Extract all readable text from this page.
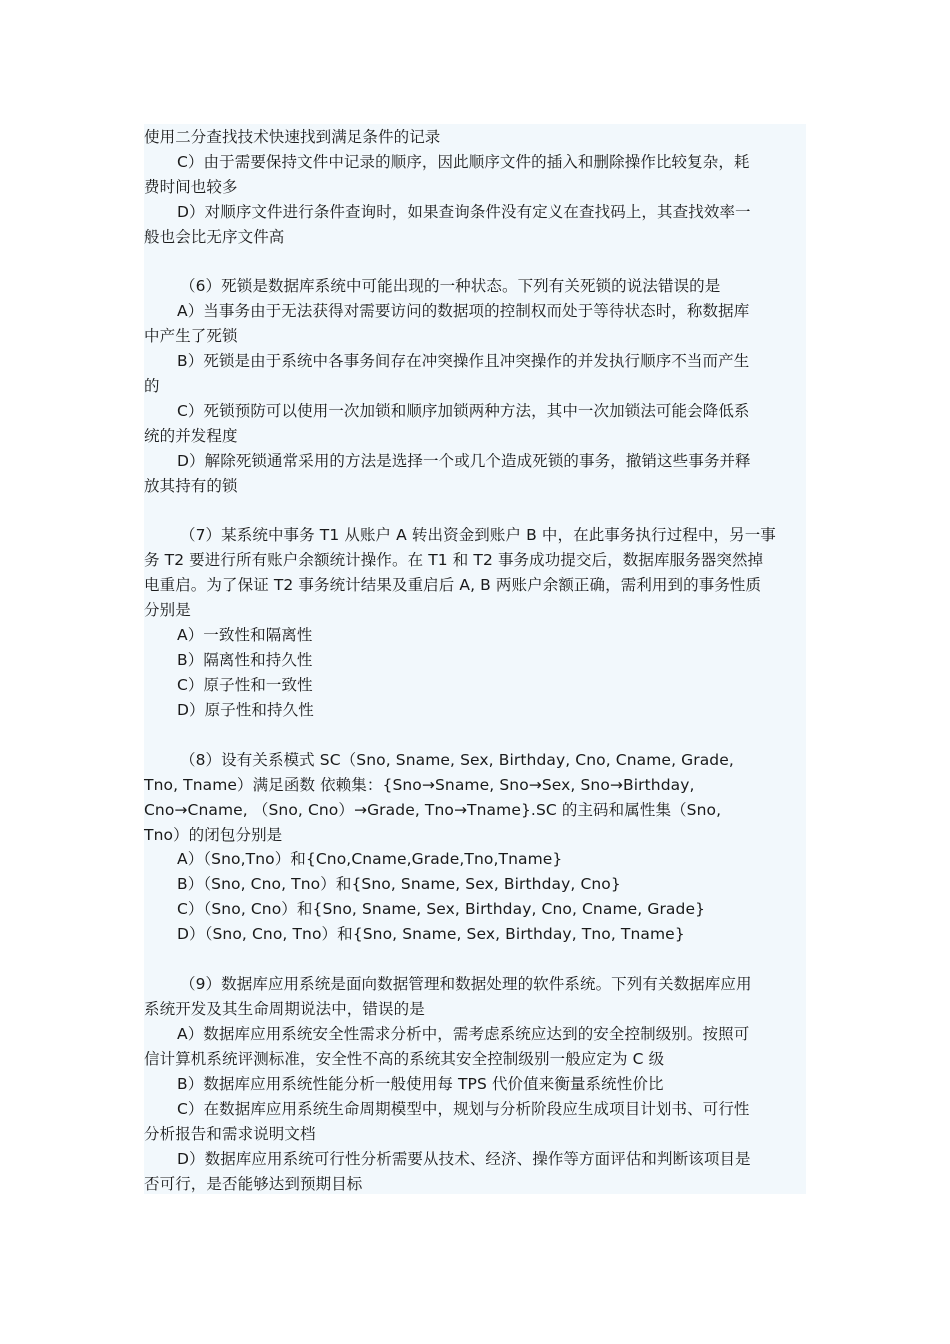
使用二分查找技术快速找到满足条件的记录
C）由于需要保持文件中记录的顺序，因此顺序文件的插入和删除操作比较复杂，耗
费时间也较多
D）对顺序文件进行条件查询时，如果查询条件没有定义在查找码上，其查找效率一
般也会比无序文件高
（6）死锁是数据库系统中可能出现的一种状态。下列有关死锁的说法错误的是
A）当事务由于无法获得对需要访问的数据项的控制权而处于等待状态时，称数据库
中产生了死锁
B）死锁是由于系统中各事务间存在冲突操作且冲突操作的并发执行顺序不当而产生
的
C）死锁预防可以使用一次加锁和顺序加锁两种方法，其中一次加锁法可能会降低系
统的并发程度
D）解除死锁通常采用的方法是选择一个或几个造成死锁的事务，撤销这些事务并释
放其持有的锁
（7）某系统中事务 T1 从账户 A 转出资金到账户 B 中，在此事务执行过程中，另一事
务 T2 要进行所有账户余额统计操作。在 T1 和 T2 事务成功提交后，数据库服务器突然掉
电重启。为了保证 T2 事务统计结果及重启后 A, B 两账户余额正确，需利用到的事务性质
分别是
A）一致性和隔离性
B）隔离性和持久性
C）原子性和一致性
D）原子性和持久性
（8）设有关系模式 SC（Sno, Sname, Sex, Birthday, Cno, Cname, Grade,
Tno, Tname）满足函数 依赖集：{Sno→Sname, Sno→Sex, Sno→Birthday,
Cno→Cname, （Sno, Cno）→Grade, Tno→Tname}.SC 的主码和属性集（Sno,
Tno）的闭包分别是
A）（Sno,Tno）和{Cno,Cname,Grade,Tno,Tname}
B）（Sno, Cno, Tno）和{Sno, Sname, Sex, Birthday, Cno}
C）（Sno, Cno）和{Sno, Sname, Sex, Birthday, Cno, Cname, Grade}
D）（Sno, Cno, Tno）和{Sno, Sname, Sex, Birthday, Tno, Tname}
（9）数据库应用系统是面向数据管理和数据处理的软件系统。下列有关数据库应用
系统开发及其生命周期说法中，错误的是
A）数据库应用系统安全性需求分析中，需考虑系统应达到的安全控制级别。按照可
信计算机系统评测标准，安全性不高的系统其安全控制级别一般应定为 C 级
B）数据库应用系统性能分析一般使用每 TPS 代价值来衡量系统性价比
C）在数据库应用系统生命周期模型中，规划与分析阶段应生成项目计划书、可行性
分析报告和需求说明文档
D）数据库应用系统可行性分析需要从技术、经济、操作等方面评估和判断该项目是
否可行，是否能够达到预期目标
